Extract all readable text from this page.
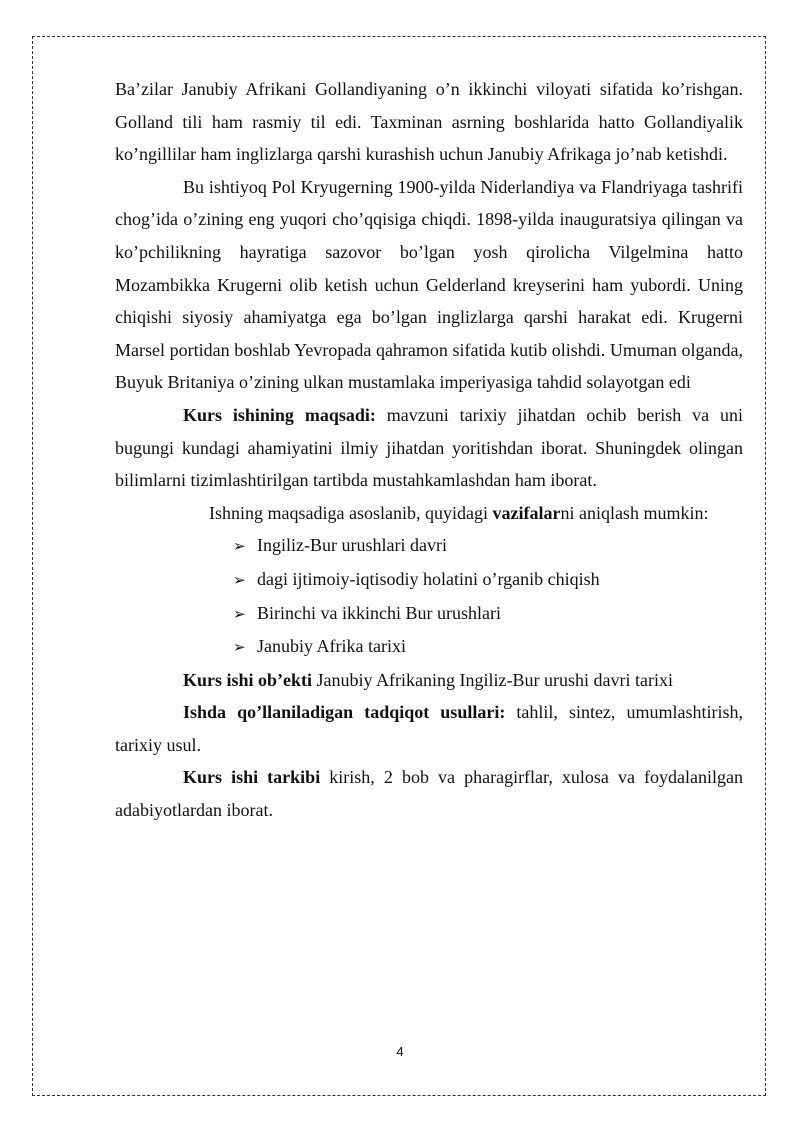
Ba’zilar Janubiy Afrikani Gollandiyaning o’n ikkinchi viloyati sifatida ko’rishgan. Golland tili ham rasmiy til edi. Taxminan asrning boshlarida hatto Gollandiyalik ko’ngillilar ham inglizlarga qarshi kurashish uchun Janubiy Afrikaga jo’nab ketishdi.

Bu ishtiyoq Pol Kryugerning 1900-yilda Niderlandiya va Flandriyaga tashrifi chog’ida o’zining eng yuqori cho’qqisiga chiqdi. 1898-yilda inauguratsiya qilingan va ko’pchilikning hayratiga sazovor bo’lgan yosh qirolicha Vilgelmina hatto Mozambikka Krugerni olib ketish uchun Gelderland kreyserini ham yubordi. Uning chiqishi siyosiy ahamiyatga ega bo’lgan inglizlarga qarshi harakat edi. Krugerni Marsel portidan boshlab Yevropada qahramon sifatida kutib olishdi. Umuman olganda, Buyuk Britaniya o’zining ulkan mustamlaka imperiyasiga tahdid solayotgan edi

Kurs ishining maqsadi: mavzuni tarixiy jihatdan ochib berish va uni bugungi kundagi ahamiyatini ilmiy jihatdan yoritishdan iborat. Shuningdek olingan bilimlarni tizimlashtirilgan tartibda mustahkamlashdan ham iborat.

Ishning maqsadiga asoslanib, quyidagi vazifalarni aniqlash mumkin:

➢ Ingiliz-Bur urushlari davri
➢ dagi ijtimoiy-iqtisodiy holatini o’rganib chiqish
➢ Birinchi va ikkinchi Bur urushlari
➢ Janubiy Afrika tarixi

Kurs ishi ob’ekti Janubiy Afrikaning Ingiliz-Bur urushi davri tarixi

Ishda qo’llaniladigan tadqiqot usullari: tahlil, sintez, umumlashtirish, tarixiy usul.

Kurs ishi tarkibi kirish, 2 bob va pharagirflar, xulosa va foydalanilgan adabiyotlardan iborat.

4
